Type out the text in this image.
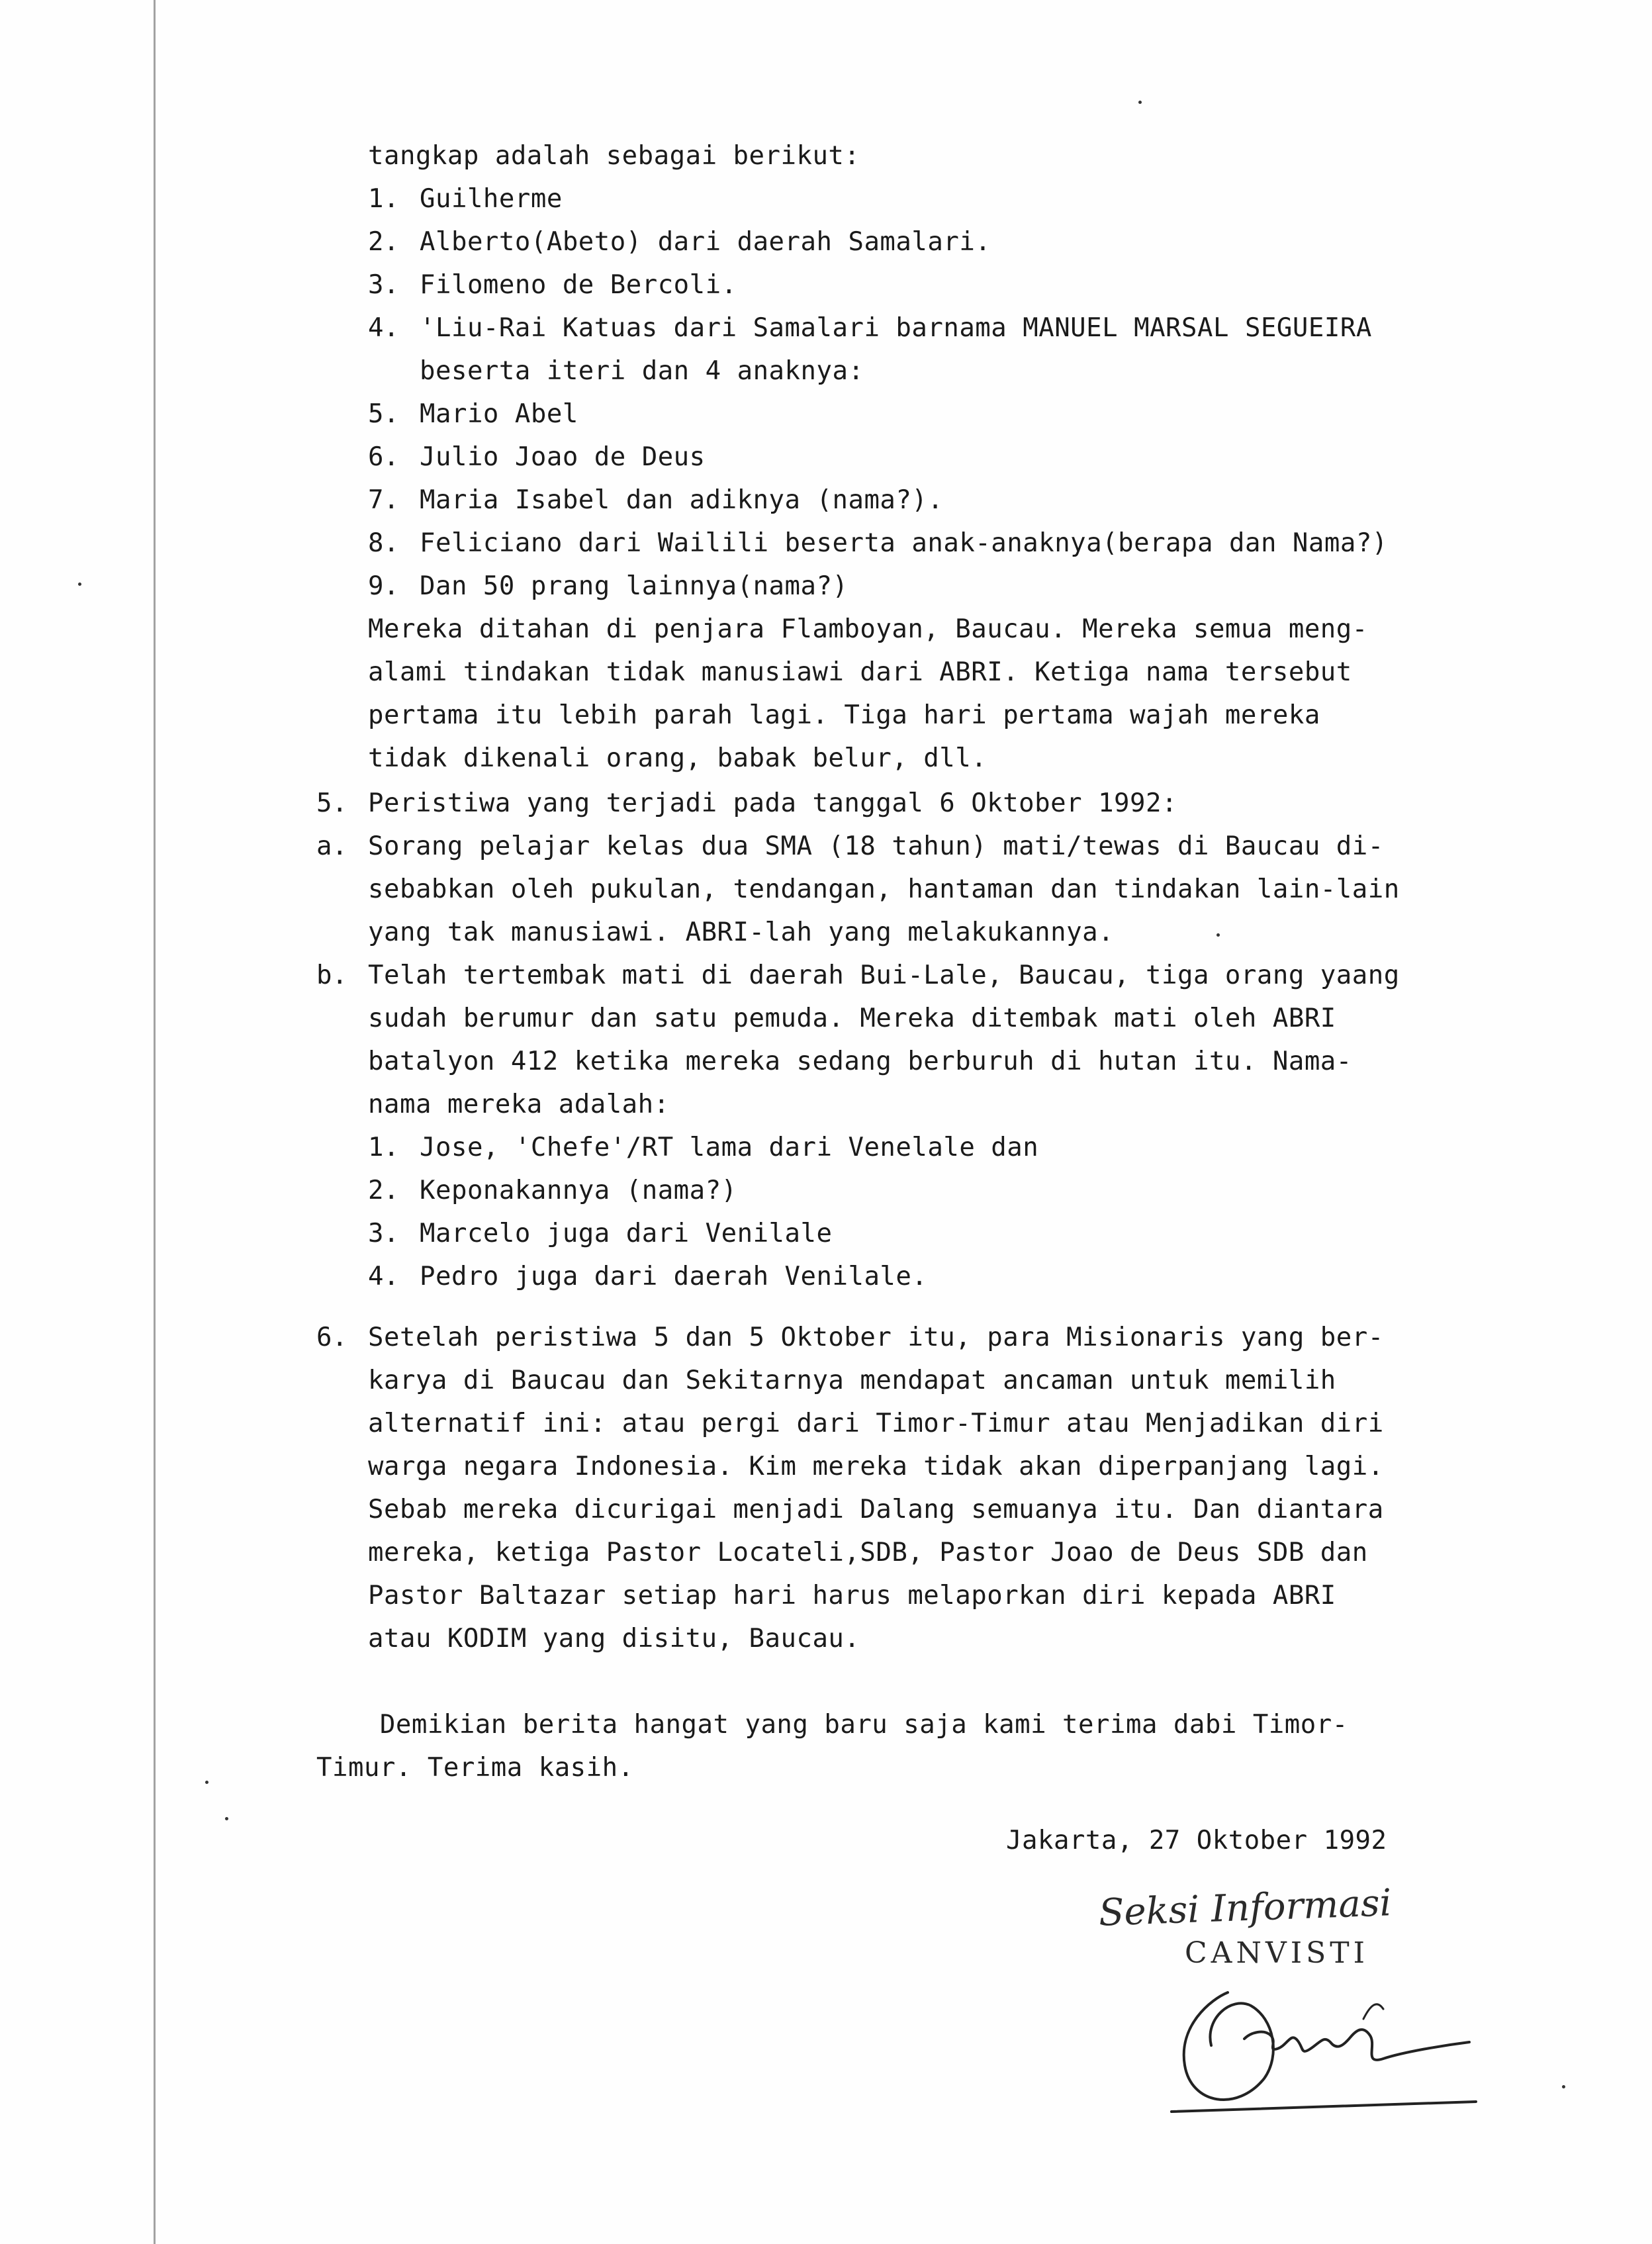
tangkap adalah sebagai berikut:
1. Guilherme
2. Alberto(Abeto) dari daerah Samalari.
3. Filomeno de Bercoli.
4. 'Liu-Rai Katuas dari Samalari barnama MANUEL MARSAL SEGUEIRA
beserta iteri dan 4 anaknya:
5. Mario Abel
6. Julio Joao de Deus
7. Maria Isabel dan adiknya (nama?).
8. Feliciano dari Wailili beserta anak-anaknya(berapa dan Nama?)
9. Dan 50 prang lainnya(nama?)
Mereka ditahan di penjara Flamboyan, Baucau. Mereka semua meng-
alami tindakan tidak manusiawi dari ABRI. Ketiga nama tersebut
pertama itu lebih parah lagi. Tiga hari pertama wajah mereka
tidak dikenali orang, babak belur, dll.
5. Peristiwa yang terjadi pada tanggal 6 Oktober 1992:
a. Sorang pelajar kelas dua SMA (18 tahun) mati/tewas di Baucau di-
sebabkan oleh pukulan, tendangan, hantaman dan tindakan lain-lain
yang tak manusiawi. ABRI-lah yang melakukannya.
b. Telah tertembak mati di daerah Bui-Lale, Baucau, tiga orang yaang
sudah berumur dan satu pemuda. Mereka ditembak mati oleh ABRI
batalyon 412 ketika mereka sedang berburuh di hutan itu. Nama-
nama mereka adalah:
1. Jose, 'Chefe'/RT lama dari Venelale dan
2. Keponakannya (nama?)
3. Marcelo juga dari Venilale
4. Pedro juga dari daerah Venilale.
6. Setelah peristiwa 5 dan 5 Oktober itu, para Misionaris yang ber-
karya di Baucau dan Sekitarnya mendapat ancaman untuk memilih
alternatif ini: atau pergi dari Timor-Timur atau Menjadikan diri
warga negara Indonesia. Kim mereka tidak akan diperpanjang lagi.
Sebab mereka dicurigai menjadi Dalang semuanya itu. Dan diantara
mereka, ketiga Pastor Locateli,SDB, Pastor Joao de Deus SDB dan
Pastor Baltazar setiap hari harus melaporkan diri kepada ABRI
atau KODIM yang disitu, Baucau.
Demikian berita hangat yang baru saja kami terima dabi Timor-
Timur. Terima kasih.
Jakarta, 27 Oktober 1992
Seksi Informasi
CANVISTI
